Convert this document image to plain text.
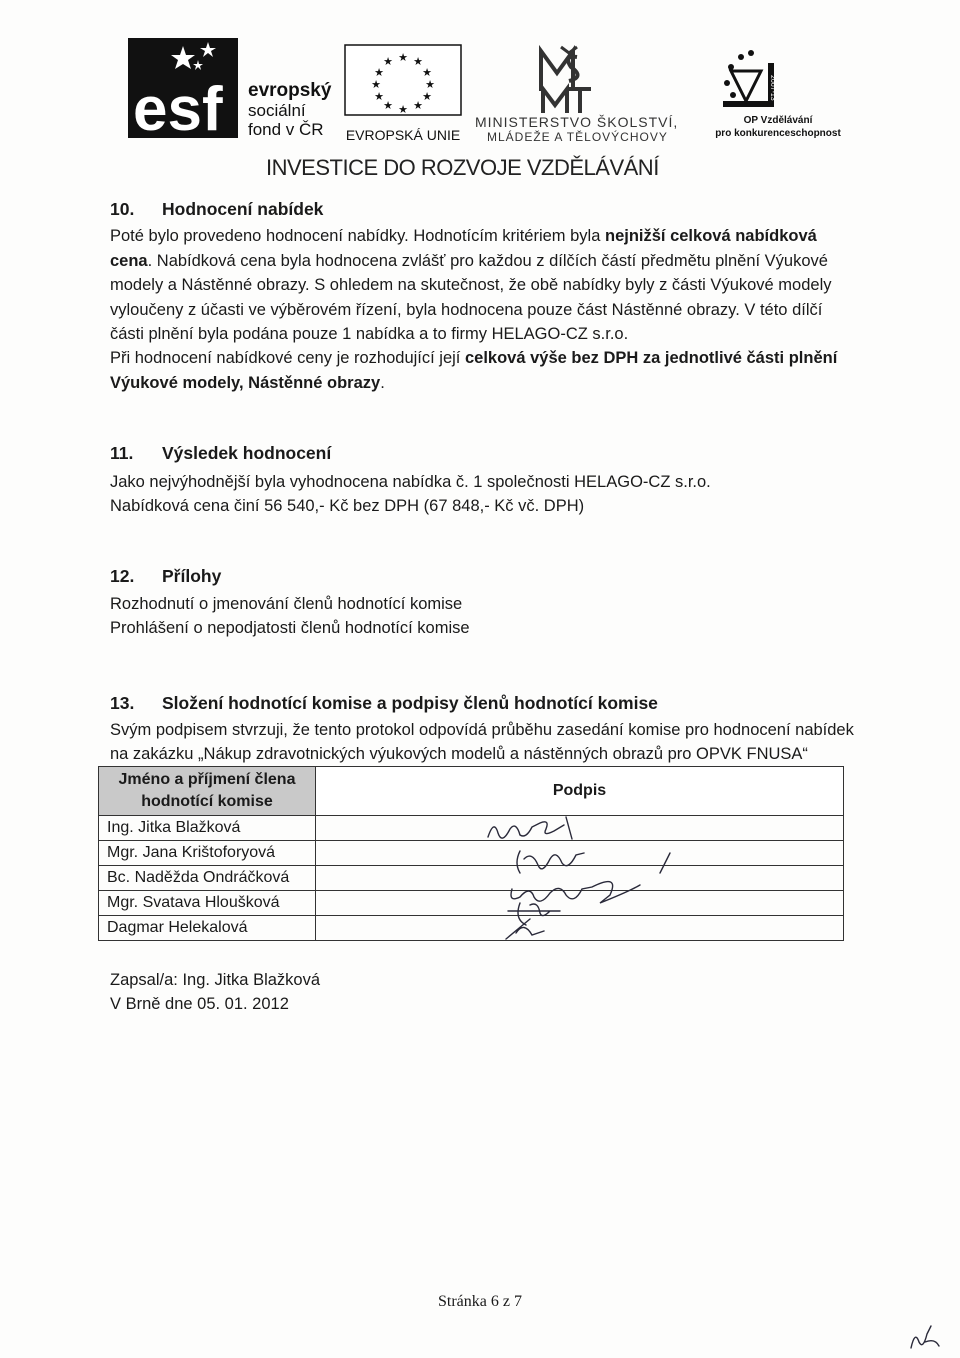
esf evropský
sociální
fond v ČR
★ ★
★
★
★
★
★
★
★
★
★
★
EVROPSKÁ UNIE
MINISTERSTVO ŠKOLSTVÍ,
MLÁDEŽE A TĚLOVÝCHOVY
2007-13
OP Vzdělávání
pro konkurenceschopnost
INVESTICE DO ROZVOJE VZDĚLÁVÁNÍ
10. Hodnocení nabídek
Poté bylo provedeno hodnocení nabídky. Hodnotícím kritériem byla nejnižší celková nabídková cena. Nabídková cena byla hodnocena zvlášť pro každou z dílčích částí předmětu plnění Výukové modely a Nástěnné obrazy. S ohledem na skutečnost, že obě nabídky byly z části Výukové modely vyloučeny z účasti ve výběrovém řízení, byla hodnocena pouze část Nástěnné obrazy. V této dílčí části plnění byla podána pouze 1 nabídka a to firmy HELAGO-CZ s.r.o.
Při hodnocení nabídkové ceny je rozhodující její celková výše bez DPH za jednotlivé části plnění Výukové modely, Nástěnné obrazy.
11. Výsledek hodnocení
Jako nejvýhodnější byla vyhodnocena nabídka č. 1 společnosti HELAGO-CZ s.r.o.
Nabídková cena činí 56 540,- Kč bez DPH (67 848,- Kč vč. DPH)
12. Přílohy
Rozhodnutí o jmenování členů hodnotící komise
Prohlášení o nepodjatosti členů hodnotící komise
13. Složení hodnotící komise a podpisy členů hodnotící komise
Svým podpisem stvrzuji, že tento protokol odpovídá průběhu zasedání komise pro hodnocení nabídek
na zakázku „Nákup zdravotnických výukových modelů a nástěnných obrazů pro OPVK FNUSA“
Jméno a příjmení člena hodnotící komise	Podpis
Ing. Jitka Blažková	
Mgr. Jana Krištoforyová	
Bc. Naděžda Ondráčková	
Mgr. Svatava Hloušková	
Dagmar Helekalová	
Zapsal/a: Ing. Jitka Blažková
V Brně dne 05. 01. 2012
Stránka 6 z 7
